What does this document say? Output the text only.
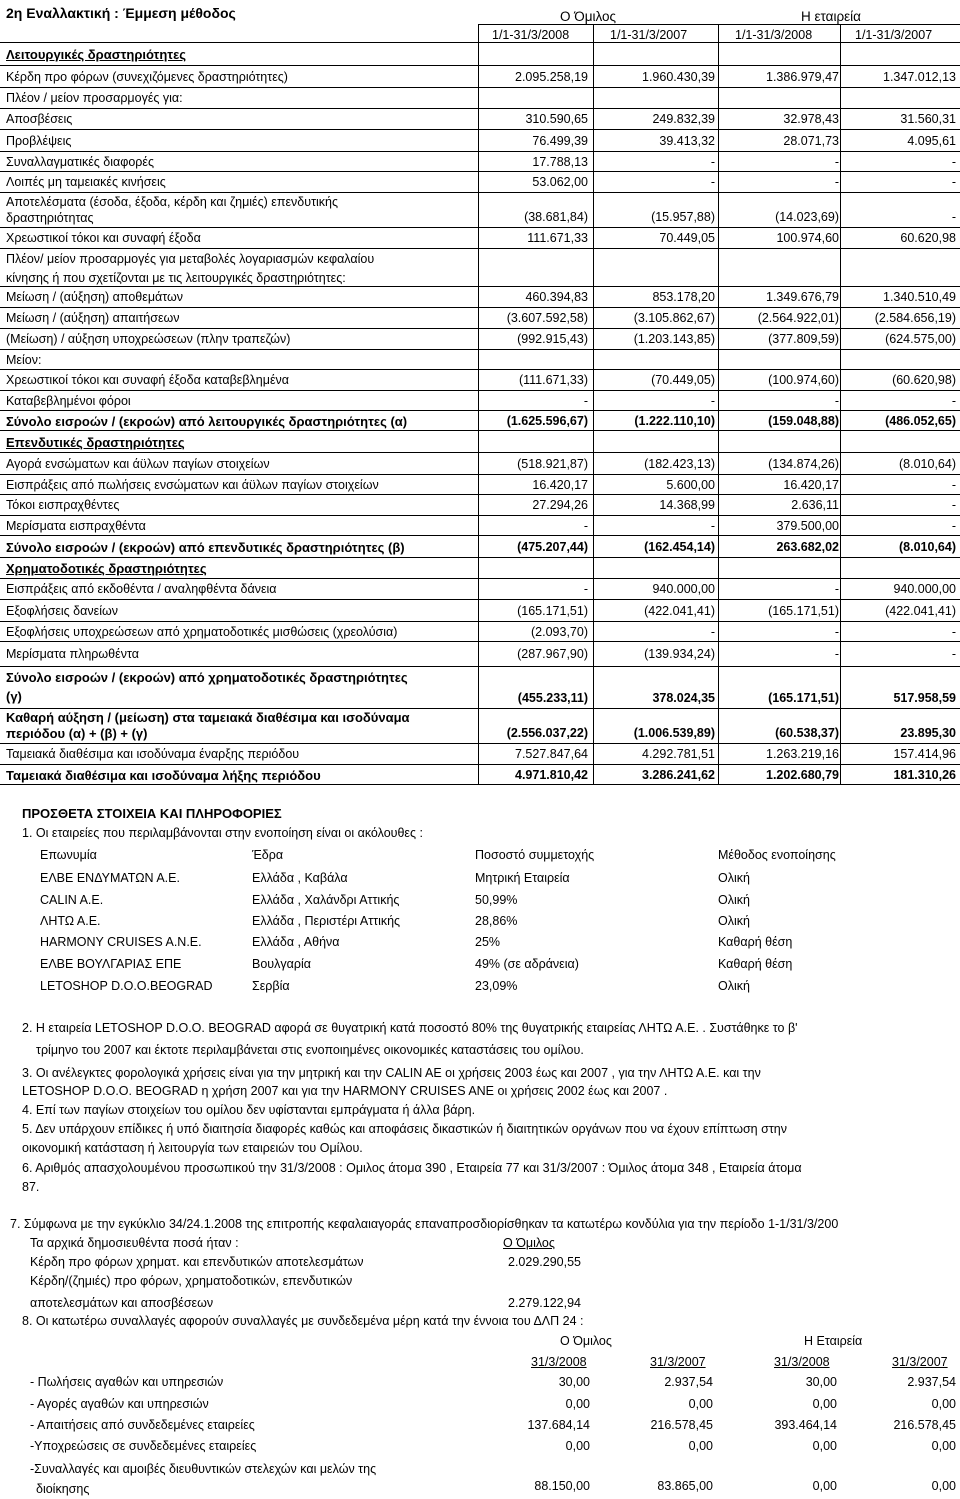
2η Εναλλακτική : Έμμεση μέθοδος	Ο Όμιλος	Η εταιρεία
1/1-31/3/2008	1/1-31/3/2007	1/1-31/3/2008	1/1-31/3/2007
Λειτουργικές δραστηριότητες
Κέρδη προ φόρων (συνεχιζόμενες δραστηριότητες)	2.095.258,19	1.960.430,39	1.386.979,47	1.347.012,13
Πλέον / μείον προσαρμογές για:
Αποσβέσεις	310.590,65	249.832,39	32.978,43	31.560,31
Προβλέψεις	76.499,39	39.413,32	28.071,73	4.095,61
Συναλλαγματικές διαφορές	17.788,13	-	-	-
Λοιπές μη ταμειακές κινήσεις	53.062,00	-	-	-
Αποτελέσματα (έσοδα, έξοδα, κέρδη και ζημιές) επενδυτικής
δραστηριότητας	(38.681,84)	(15.957,88)	(14.023,69)	-
Χρεωστικοί τόκοι και συναφή έξοδα	111.671,33	70.449,05	100.974,60	60.620,98
Πλέον/ μείον προσαρμογές για μεταβολές λογαριασμών κεφαλαίου
κίνησης ή που σχετίζονται με τις λειτουργικές δραστηριότητες:
Μείωση / (αύξηση) αποθεμάτων	460.394,83	853.178,20	1.349.676,79	1.340.510,49
Μείωση / (αύξηση) απαιτήσεων	(3.607.592,58)	(3.105.862,67)	(2.564.922,01)	(2.584.656,19)
(Μείωση) / αύξηση υποχρεώσεων (πλην τραπεζών)	(992.915,43)	(1.203.143,85)	(377.809,59)	(624.575,00)
Μείον:
Χρεωστικοί τόκοι και συναφή έξοδα καταβεβλημένα	(111.671,33)	(70.449,05)	(100.974,60)	(60.620,98)
Καταβεβλημένοι φόροι	-	-	-	-
Σύνολο εισροών / (εκροών) από λειτουργικές δραστηριότητες (α)	(1.625.596,67)	(1.222.110,10)	(159.048,88)	(486.052,65)
Επενδυτικές δραστηριότητες
Αγορά ενσώματων και άϋλων παγίων στοιχείων	(518.921,87)	(182.423,13)	(134.874,26)	(8.010,64)
Εισπράξεις από πωλήσεις ενσώματων και άϋλων παγίων στοιχείων	16.420,17	5.600,00	16.420,17	-
Τόκοι εισπραχθέντες	27.294,26	14.368,99	2.636,11	-
Μερίσματα εισπραχθέντα	-	-	379.500,00	-
Σύνολο εισροών / (εκροών) από επενδυτικές δραστηριότητες (β)	(475.207,44)	(162.454,14)	263.682,02	(8.010,64)
Χρηματοδοτικές δραστηριότητες
Εισπράξεις από εκδοθέντα / αναληφθέντα δάνεια	-	940.000,00	-	940.000,00
Εξοφλήσεις δανείων	(165.171,51)	(422.041,41)	(165.171,51)	(422.041,41)
Εξοφλήσεις υποχρεώσεων από χρηματοδοτικές μισθώσεις (χρεολύσια)	(2.093,70)	-	-	-
Μερίσματα πληρωθέντα	(287.967,90)	(139.934,24)	-	-
Σύνολο εισροών / (εκροών) από χρηματοδοτικές δραστηριότητες
(γ)	(455.233,11)	378.024,35	(165.171,51)	517.958,59
Καθαρή αύξηση / (μείωση) στα ταμειακά διαθέσιμα και ισοδύναμα
περιόδου (α) + (β) + (γ)	(2.556.037,22)	(1.006.539,89)	(60.538,37)	23.895,30
Ταμειακά διαθέσιμα και ισοδύναμα έναρξης περιόδου	7.527.847,64	4.292.781,51	1.263.219,16	157.414,96
Ταμειακά διαθέσιμα και ισοδύναμα λήξης περιόδου	4.971.810,42	3.286.241,62	1.202.680,79	181.310,26
ΠΡΟΣΘΕΤΑ ΣΤΟΙΧΕΙΑ ΚΑΙ ΠΛΗΡΟΦΟΡΙΕΣ
1. Οι εταιρείες που περιλαμβάνονται στην ενοποίηση είναι οι ακόλουθες :
Επωνυμία	Έδρα	Ποσοστό συμμετοχής	Μέθοδος ενοποίησης
ΕΛΒΕ ΕΝΔΥΜΑΤΩΝ Α.Ε.	Ελλάδα , Καβάλα	Μητρική Εταιρεία	Ολική
CALIN A.E.	Ελλάδα , Χαλάνδρι Αττικής	50,99%	Ολική
ΛΗΤΩ Α.Ε.	Ελλάδα , Περιστέρι Αττικής	28,86%	Ολική
HARMONY CRUISES A.N.E.	Ελλάδα , Αθήνα	25%	Καθαρή θέση
ΕΛΒΕ ΒΟΥΛΓΑΡΙΑΣ ΕΠΕ	Βουλγαρία	49% (σε αδράνεια)	Καθαρή θέση
LETOSHOP D.O.O.BEOGRAD	Σερβία	23,09%	Ολική
2. Η εταιρεία LETOSHOP D.O.O. BEOGRAD αφορά σε θυγατρική κατά ποσοστό 80% της θυγατρικής εταιρείας ΛΗΤΩ Α.Ε. . Συστάθηκε το β'
τρίμηνο του 2007 και έκτοτε περιλαμβάνεται στις ενοποιημένες οικονομικές καταστάσεις του ομίλου.
3. Οι ανέλεγκτες φορολογικά χρήσεις είναι για την μητρική και την CALIN AE οι χρήσεις 2003 έως και 2007 , για την ΛΗΤΩ Α.Ε. και την
LETOSHOP D.O.O. BEOGRAD η χρήση 2007 και για την HARMONY CRUISES ANE οι χρήσεις 2002 έως και 2007 .
4. Επί των παγίων στοιχείων του ομίλου δεν υφίστανται εμπράγματα ή άλλα βάρη.
5. Δεν υπάρχουν επίδικες ή υπό διαιτησία διαφορές καθώς και αποφάσεις δικαστικών ή διαιτητικών οργάνων που να έχουν επίπτωση στην
οικονομική κατάσταση ή λειτουργία των εταιρειών του Ομίλου.
6. Αριθμός απασχολουμένου προσωπικού την 31/3/2008 : Ομιλος άτομα 390 , Εταιρεία 77 και 31/3/2007 : Όμιλος άτομα 348 , Εταιρεία άτομα
87.
7. Σύμφωνα με την εγκύκλιο 34/24.1.2008 της επιτροπής κεφαλαιαγοράς επαναπροσδιορίσθηκαν τα κατωτέρω κονδύλια για την περίοδο 1-1/31/3/200
Τα αρχικά δημοσιευθέντα ποσά ήταν :	Ο Όμιλος
Κέρδη προ φόρων χρηματ. και επενδυτικών αποτελεσμάτων	2.029.290,55
Κέρδη/(ζημιές) προ φόρων, χρηματοδοτικών, επενδυτικών
αποτελεσμάτων και αποσβέσεων	2.279.122,94
8. Οι κατωτέρω συναλλαγές αφορούν συναλλαγές με συνδεδεμένα μέρη κατά την έννοια του ΔΛΠ 24 :
Ο Όμιλος	Η Εταιρεία
31/3/2008	31/3/2007	31/3/2008	31/3/2007
- Πωλήσεις αγαθών και υπηρεσιών	30,00	2.937,54	30,00	2.937,54
- Αγορές αγαθών και υπηρεσιών	0,00	0,00	0,00	0,00
- Απαιτήσεις από συνδεδεμένες εταιρείες	137.684,14	216.578,45	393.464,14	216.578,45
-Υποχρεώσεις σε συνδεδεμένες εταιρείες	0,00	0,00	0,00	0,00
-Συναλλαγές και αμοιβές διευθυντικών στελεχών και μελών της
διοίκησης	88.150,00	83.865,00	0,00	0,00
